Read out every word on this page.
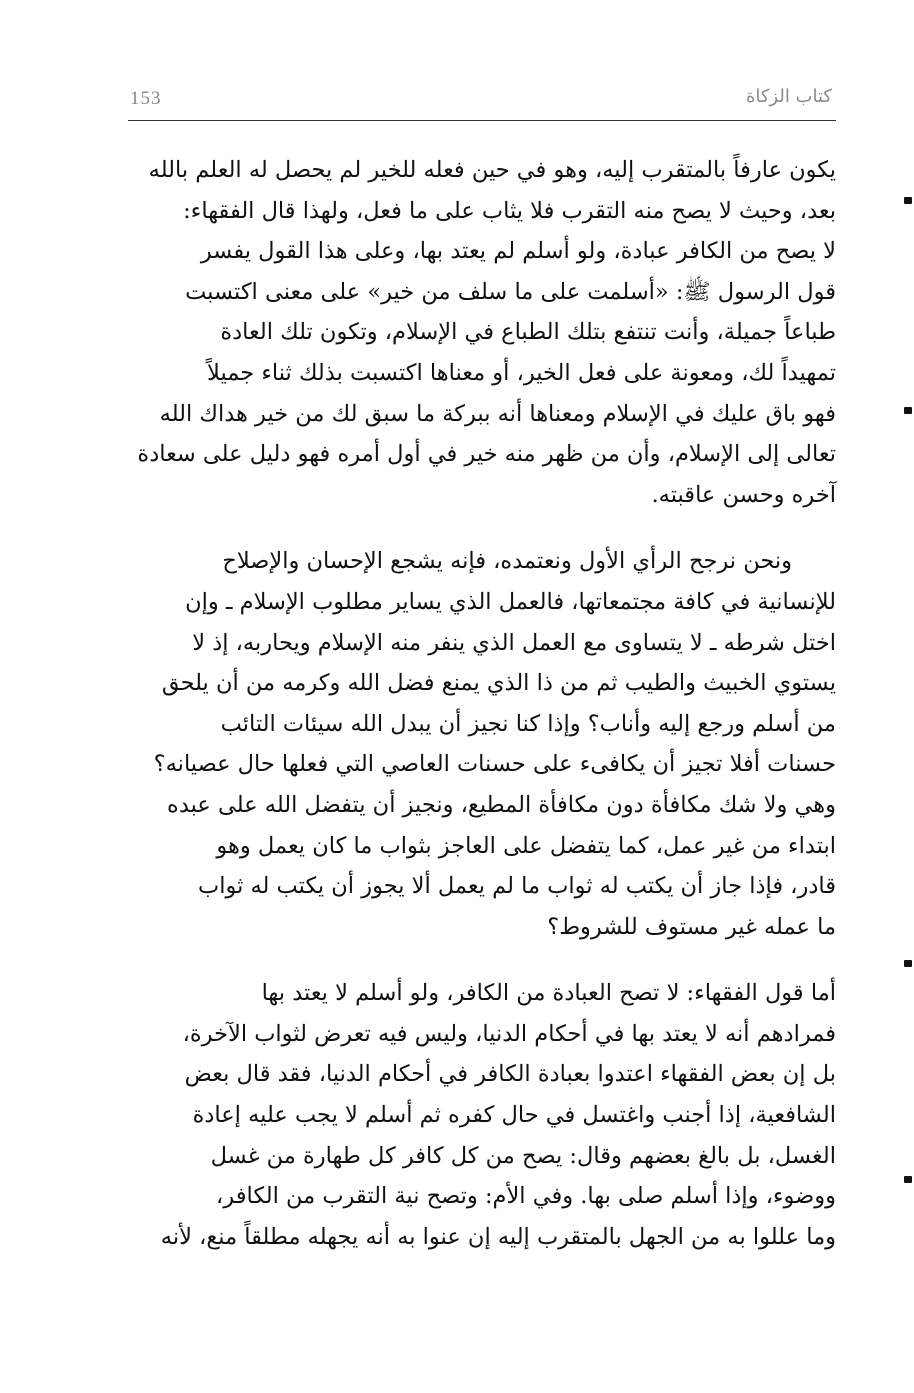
153	كتاب الزكاة

يكون عارفاً بالمتقرب إليه، وهو في حين فعله للخير لم يحصل له العلم بالله
بعد، وحيث لا يصح منه التقرب فلا يثاب على ما فعل، ولهذا قال الفقهاء:
لا يصح من الكافر عبادة، ولو أسلم لم يعتد بها، وعلى هذا القول يفسر
قول الرسول ﷺ: «أسلمت على ما سلف من خير» على معنى اكتسبت
طباعاً جميلة، وأنت تنتفع بتلك الطباع في الإسلام، وتكون تلك العادة
تمهيداً لك، ومعونة على فعل الخير، أو معناها اكتسبت بذلك ثناء جميلاً
فهو باق عليك في الإسلام ومعناها أنه ببركة ما سبق لك من خير هداك الله
تعالى إلى الإسلام، وأن من ظهر منه خير في أول أمره فهو دليل على سعادة
آخره وحسن عاقبته.

ونحن نرجح الرأي الأول ونعتمده، فإنه يشجع الإحسان والإصلاح
للإنسانية في كافة مجتمعاتها، فالعمل الذي يساير مطلوب الإسلام ـ وإن
اختل شرطه ـ لا يتساوى مع العمل الذي ينفر منه الإسلام ويحاربه، إذ لا
يستوي الخبيث والطيب ثم من ذا الذي يمنع فضل الله وكرمه من أن يلحق
من أسلم ورجع إليه وأناب؟ وإذا كنا نجيز أن يبدل الله سيئات التائب
حسنات أفلا تجيز أن يكافىء على حسنات العاصي التي فعلها حال عصيانه؟
وهي ولا شك مكافأة دون مكافأة المطيع، ونجيز أن يتفضل الله على عبده
ابتداء من غير عمل، كما يتفضل على العاجز بثواب ما كان يعمل وهو
قادر، فإذا جاز أن يكتب له ثواب ما لم يعمل ألا يجوز أن يكتب له ثواب
ما عمله غير مستوف للشروط؟

أما قول الفقهاء: لا تصح العبادة من الكافر، ولو أسلم لا يعتد بها
فمرادهم أنه لا يعتد بها في أحكام الدنيا، وليس فيه تعرض لثواب الآخرة،
بل إن بعض الفقهاء اعتدوا بعبادة الكافر في أحكام الدنيا، فقد قال بعض
الشافعية، إذا أجنب واغتسل في حال كفره ثم أسلم لا يجب عليه إعادة
الغسل، بل بالغ بعضهم وقال: يصح من كل كافر كل طهارة من غسل
ووضوء، وإذا أسلم صلى بها. وفي الأم: وتصح نية التقرب من الكافر،
وما عللوا به من الجهل بالمتقرب إليه إن عنوا به أنه يجهله مطلقاً منع، لأنه
